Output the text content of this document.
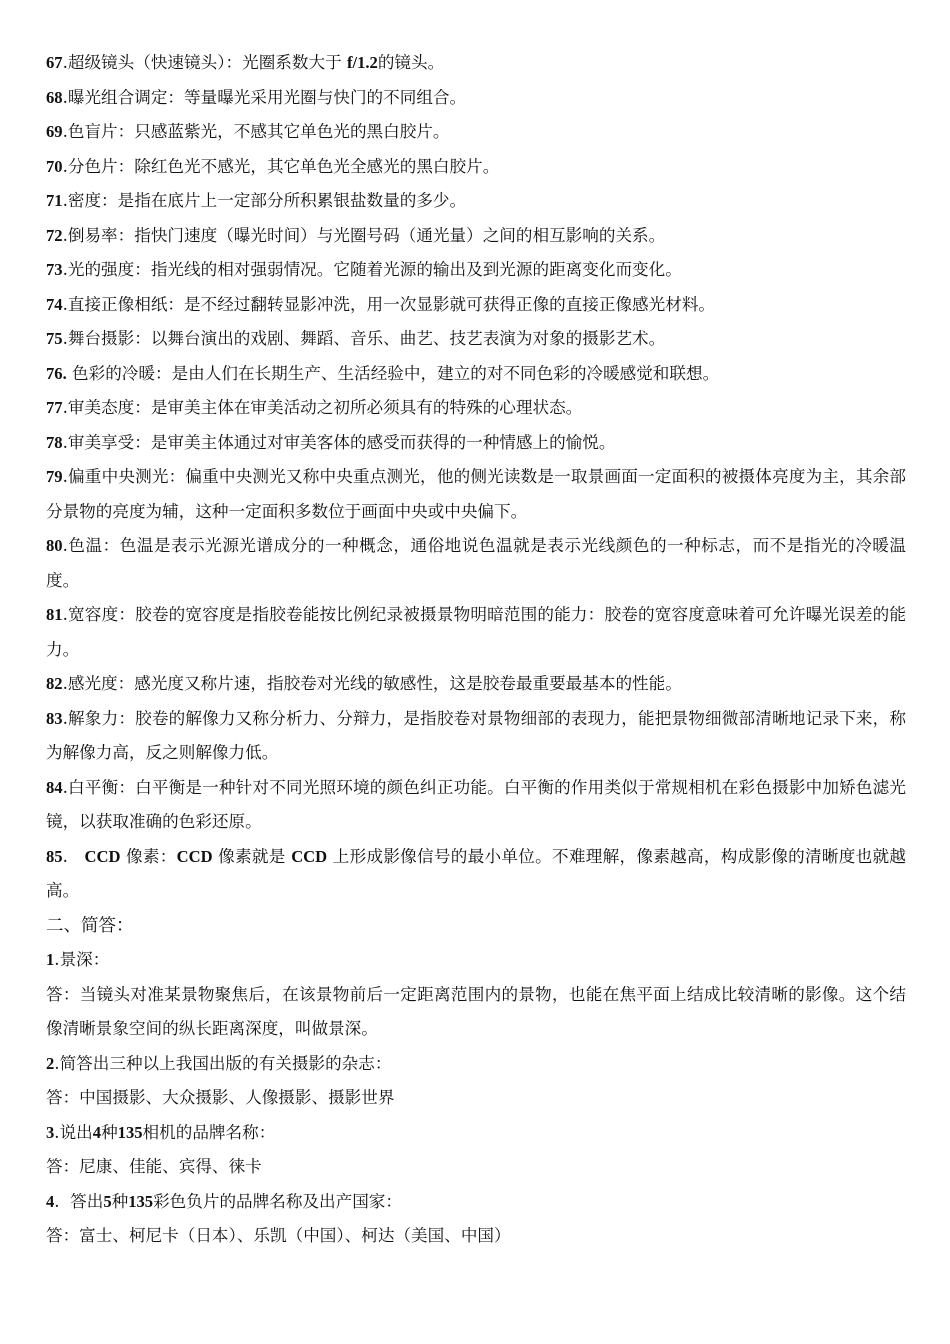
67.超级镜头（快速镜头）：光圈系数大于 f/1.2的镜头。

68.曝光组合调定：等量曝光采用光圈与快门的不同组合。

69.色盲片：只感蓝紫光，不感其它单色光的黑白胶片。

70.分色片：除红色光不感光，其它单色光全感光的黑白胶片。

71.密度：是指在底片上一定部分所积累银盐数量的多少。

72.倒易率：指快门速度（曝光时间）与光圈号码（通光量）之间的相互影响的关系。

73.光的强度：指光线的相对强弱情况。它随着光源的输出及到光源的距离变化而变化。

74.直接正像相纸：是不经过翻转显影冲洗，用一次显影就可获得正像的直接正像感光材料。

75.舞台摄影：以舞台演出的戏剧、舞蹈、音乐、曲艺、技艺表演为对象的摄影艺术。

76. 色彩的冷暖：是由人们在长期生产、生活经验中，建立的对不同色彩的冷暖感觉和联想。

77.审美态度：是审美主体在审美活动之初所必须具有的特殊的心理状态。

78.审美享受：是审美主体通过对审美客体的感受而获得的一种情感上的愉悦。

79.偏重中央测光：偏重中央测光又称中央重点测光，他的侧光读数是一取景画面一定面积的被摄体亮度为主，其余部分景物的亮度为辅，这种一定面积多数位于画面中央或中央偏下。

80.色温：色温是表示光源光谱成分的一种概念，通俗地说色温就是表示光线颜色的一种标志，而不是指光的冷暖温度。

81.宽容度：胶卷的宽容度是指胶卷能按比例纪录被摄景物明暗范围的能力：胶卷的宽容度意味着可允许曝光误差的能力。

82.感光度：感光度又称片速，指胶卷对光线的敏感性，这是胶卷最重要最基本的性能。

83.解象力：胶卷的解像力又称分析力、分辩力，是指胶卷对景物细部的表现力，能把景物细微部清晰地记录下来，称为解像力高，反之则解像力低。

84.白平衡：白平衡是一种针对不同光照环境的颜色纠正功能。白平衡的作用类似于常规相机在彩色摄影中加矫色滤光镜，以获取准确的色彩还原。

85.   CCD 像素：CCD 像素就是 CCD 上形成影像信号的最小单位。不难理解，像素越高，构成影像的清晰度也就越高。

二、简答：

1.景深：

答：当镜头对准某景物聚焦后，在该景物前后一定距离范围内的景物，也能在焦平面上结成比较清晰的影像。这个结像清晰景象空间的纵长距离深度，叫做景深。

2.简答出三种以上我国出版的有关摄影的杂志：

答：中国摄影、大众摄影、人像摄影、摄影世界

3.说出4种135相机的品牌名称：

答：尼康、佳能、宾得、徕卡

4.  答出5种135彩色负片的品牌名称及出产国家：

答：富士、柯尼卡（日本）、乐凯（中国）、柯达（美国、中国）
